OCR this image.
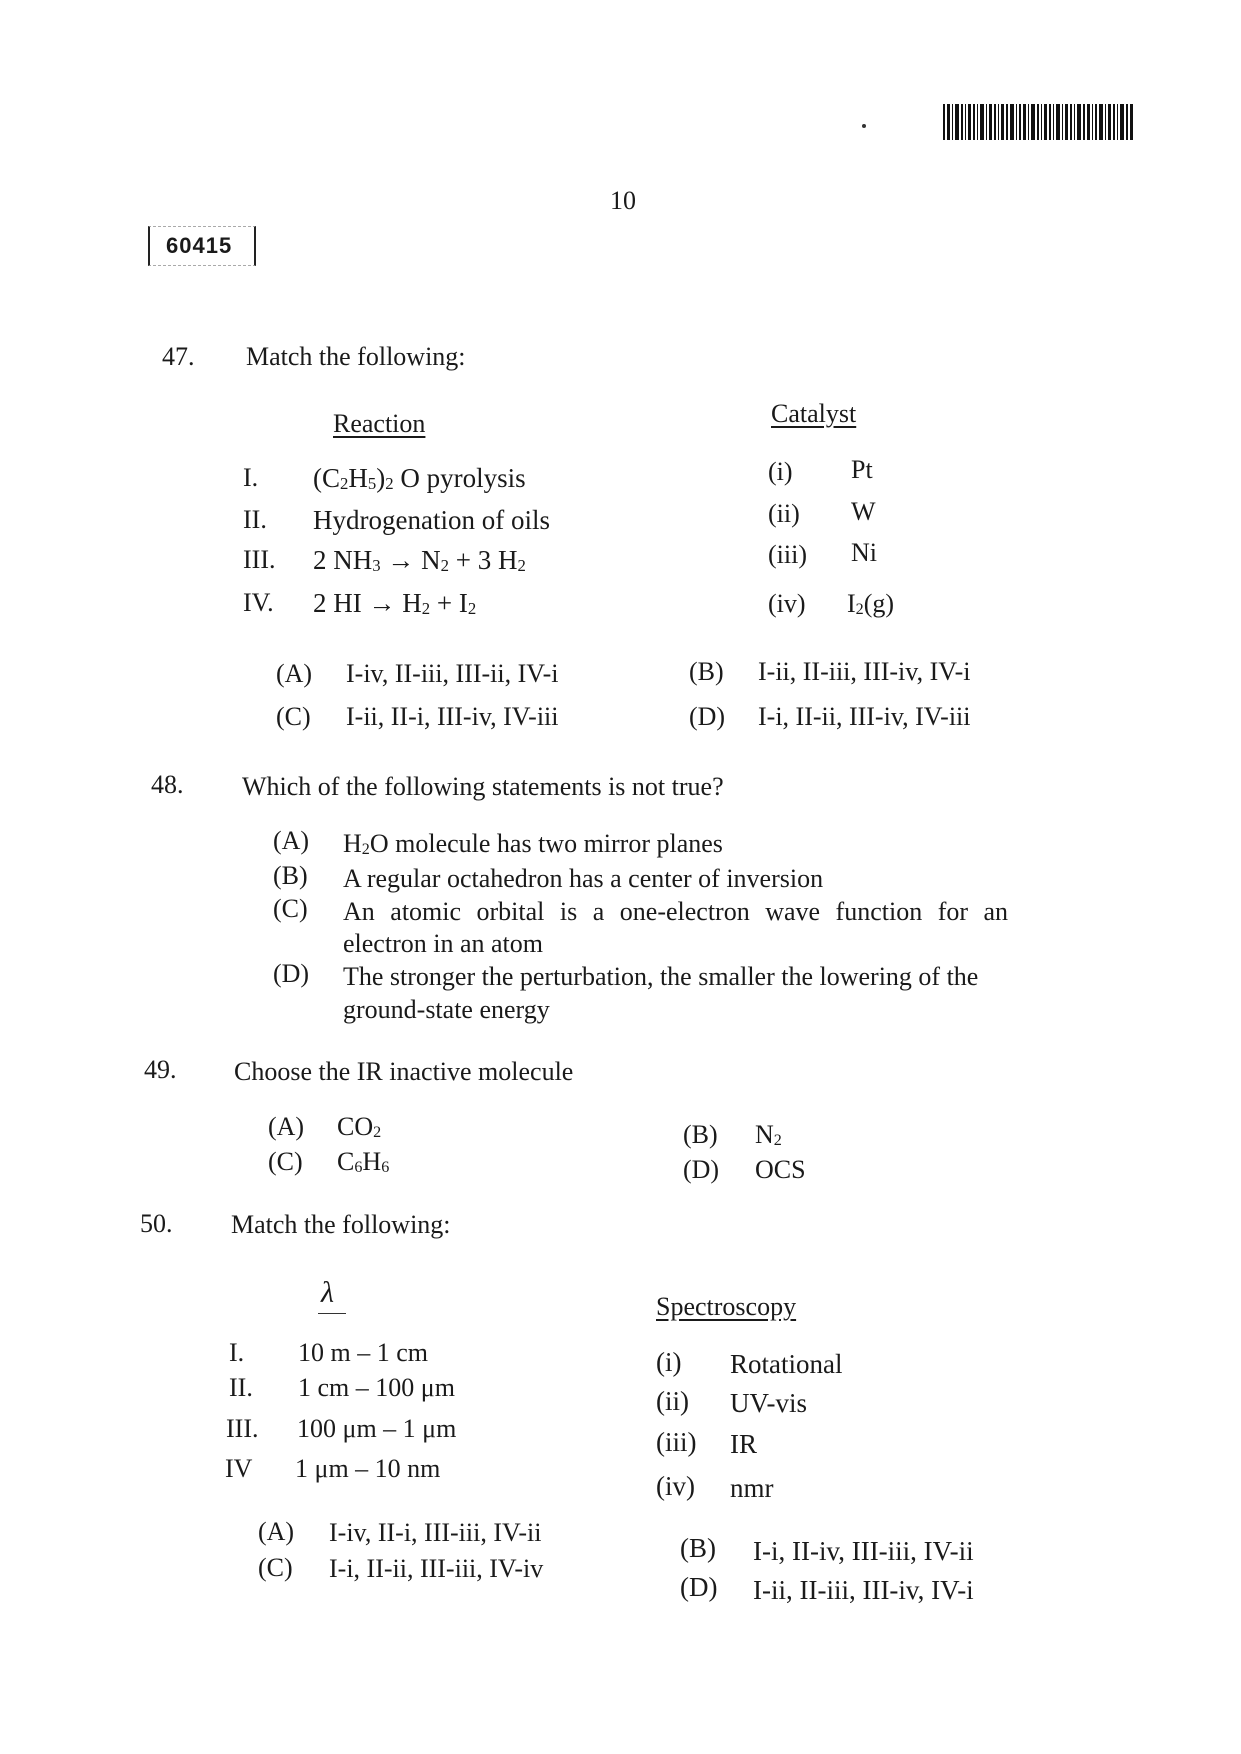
10
60415
47. Match the following:
Reaction	Catalyst
I. $(C_2H_5)_2$ O pyrolysis
II. Hydrogenation of oils
III. 2 $NH_3 \to N_2 + 3$ $H_2$
IV. 2 HI → $H_2 + I_2$
(i) Pt
(ii) W
(iii) Ni
(iv) $I_2(g)$
(A) I-iv, II-iii, III-ii, IV-i	(B) I-ii, II-iii, III-iv, IV-i
(C) I-ii, II-i, III-iv, IV-iii	(D) I-i, II-ii, III-iv, IV-iii
48. Which of the following statements is not true?
(A) $H_2O$ molecule has two mirror planes
(B) A regular octahedron has a center of inversion
(C) An atomic orbital is a one-electron wave function for an
electron in an atom
(D) The stronger the perturbation, the smaller the lowering of the
ground-state energy
49. Choose the IR inactive molecule
(A) $CO_2$	(B) $N_2$
(C) $C_6H_6$	(D) OCS
50. Match the following:
λ	Spectroscopy
I. 10 m – 1 cm
II. 1 cm – 100 μm
III. 100 μm – 1 μm
IV 1 μm – 10 nm
(i) Rotational
(ii) UV-vis
(iii) IR
(iv) nmr
(A) I-iv, II-i, III-iii, IV-ii
(B) I-i, II-iv, III-iii, IV-ii
(C) I-i, II-ii, III-iii, IV-iv
(D) I-ii, II-iii, III-iv, IV-i
